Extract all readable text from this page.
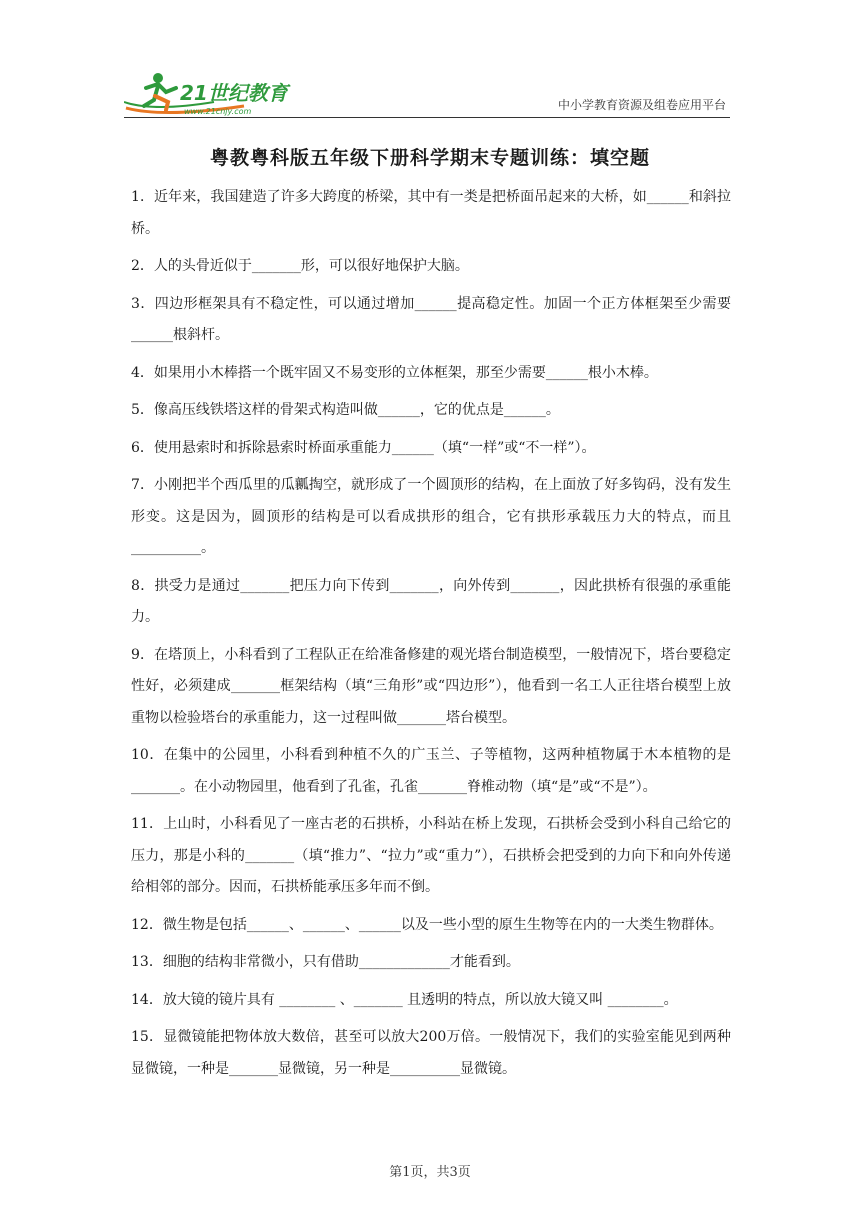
21世纪教育
www.21cnjy.com	中小学教育资源及组卷应用平台
粤教粤科版五年级下册科学期末专题训练：填空题

1．近年来，我国建造了许多大跨度的桥梁，其中有一类是把桥面吊起来的大桥，如______和斜拉桥。

2．人的头骨近似于_______形，可以很好地保护大脑。

3．四边形框架具有不稳定性，可以通过增加______提高稳定性。加固一个正方体框架至少需要______根斜杆。

4．如果用小木棒搭一个既牢固又不易变形的立体框架，那至少需要______根小木棒。

5．像高压线铁塔这样的骨架式构造叫做______，它的优点是______。

6．使用悬索时和拆除悬索时桥面承重能力______（填“一样”或“不一样”）。

7．小刚把半个西瓜里的瓜瓤掏空，就形成了一个圆顶形的结构，在上面放了好多钩码，没有发生形变。这是因为，圆顶形的结构是可以看成拱形的组合，它有拱形承载压力大的特点，而且__________。

8．拱受力是通过_______把压力向下传到_______，向外传到_______，因此拱桥有很强的承重能力。

9．在塔顶上，小科看到了工程队正在给准备修建的观光塔台制造模型，一般情况下，塔台要稳定性好，必须建成_______框架结构（填“三角形”或“四边形”），他看到一名工人正往塔台模型上放重物以检验塔台的承重能力，这一过程叫做_______塔台模型。

10．在集中的公园里，小科看到种植不久的广玉兰、子等植物，这两种植物属于木本植物的是_______。在小动物园里，他看到了孔雀，孔雀_______脊椎动物（填“是”或“不是”）。

11．上山时，小科看见了一座古老的石拱桥，小科站在桥上发现，石拱桥会受到小科自己给它的压力，那是小科的_______（填“推力”、“拉力”或“重力”），石拱桥会把受到的力向下和向外传递给相邻的部分。因而，石拱桥能承压多年而不倒。

12．微生物是包括______、______、______以及一些小型的原生生物等在内的一大类生物群体。

13．细胞的结构非常微小，只有借助_____________才能看到。

14．放大镜的镜片具有 ________ 、_______ 且透明的特点，所以放大镜又叫 ________。

15．显微镜能把物体放大数倍，甚至可以放大200万倍。一般情况下，我们的实验室能见到两种显微镜，一种是_______显微镜，另一种是__________显微镜。

第1页，共3页
